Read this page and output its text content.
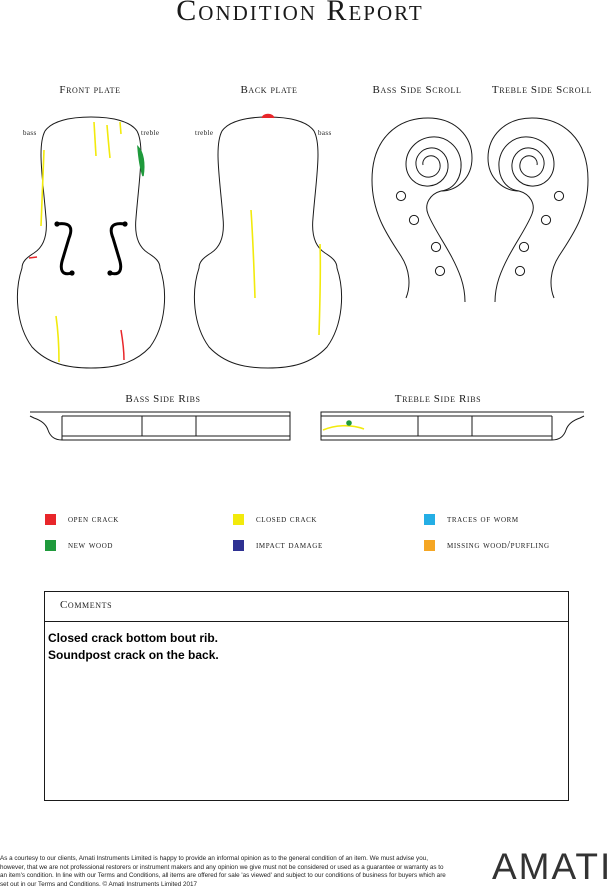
Condition Report
Front plate	Back plate	Bass Side Scroll	Treble Side Scroll
Bass Side Ribs	Treble Side Ribs
bass	treble	treble	bass
open crack	closed crack	traces of worm
new wood	impact damage	missing wood/purfling
Comments
Closed crack bottom bout rib.
Soundpost crack on the back.
As a courtesy to our clients, Amati Instruments Limited is happy to provide an informal opinion as to the general condition of an item. We must advise you, however, that we are not professional restorers or instrument makers and any opinion we give must not be considered or used as a guarantee or warranty as to an item's condition. In line with our Terms and Conditions, all items are offered for sale 'as viewed' and subject to our conditions of business for buyers which are set out in our Terms and Conditions. © Amati Instruments Limited 2017	AMATI
